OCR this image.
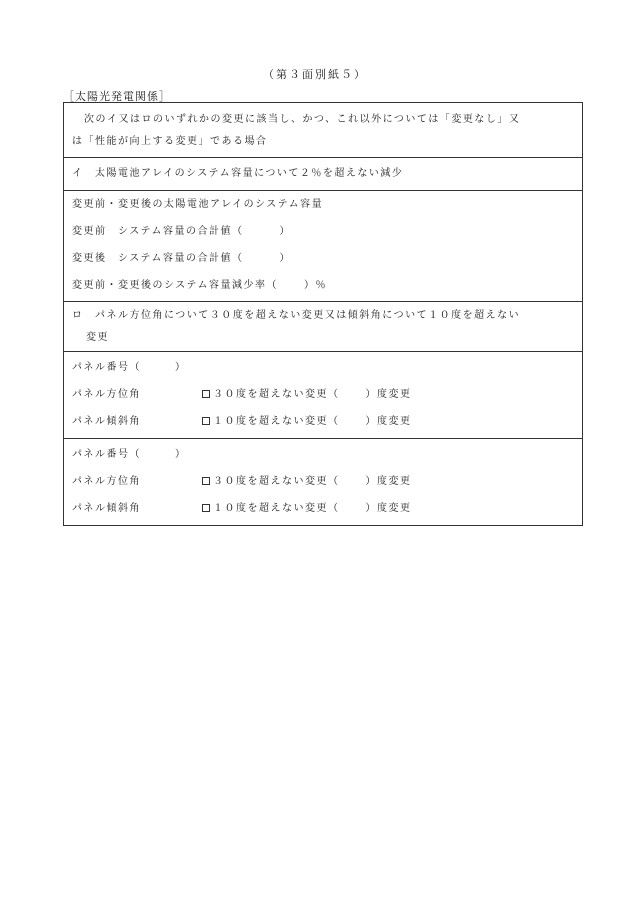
（第３面別紙５）
［太陽光発電関係］
次のイ又はロのいずれかの変更に該当し、かつ、これ以外については「変更なし」又
は「性能が向上する変更」である場合
イ　太陽電池アレイのシステム容量について２％を超えない減少
変更前・変更後の太陽電池アレイのシステム容量
変更前　システム容量の合計値（	）
変更後　システム容量の合計値（	）
変更前・変更後のシステム容量減少率（	）％
ロ　パネル方位角について３０度を超えない変更又は傾斜角について１０度を超えない
変更
パネル番号（	）
パネル方位角	３０度を超えない変更（	）度変更
パネル傾斜角	１０度を超えない変更（	）度変更
パネル番号（	）
パネル方位角	３０度を超えない変更（	）度変更
パネル傾斜角	１０度を超えない変更（	）度変更
